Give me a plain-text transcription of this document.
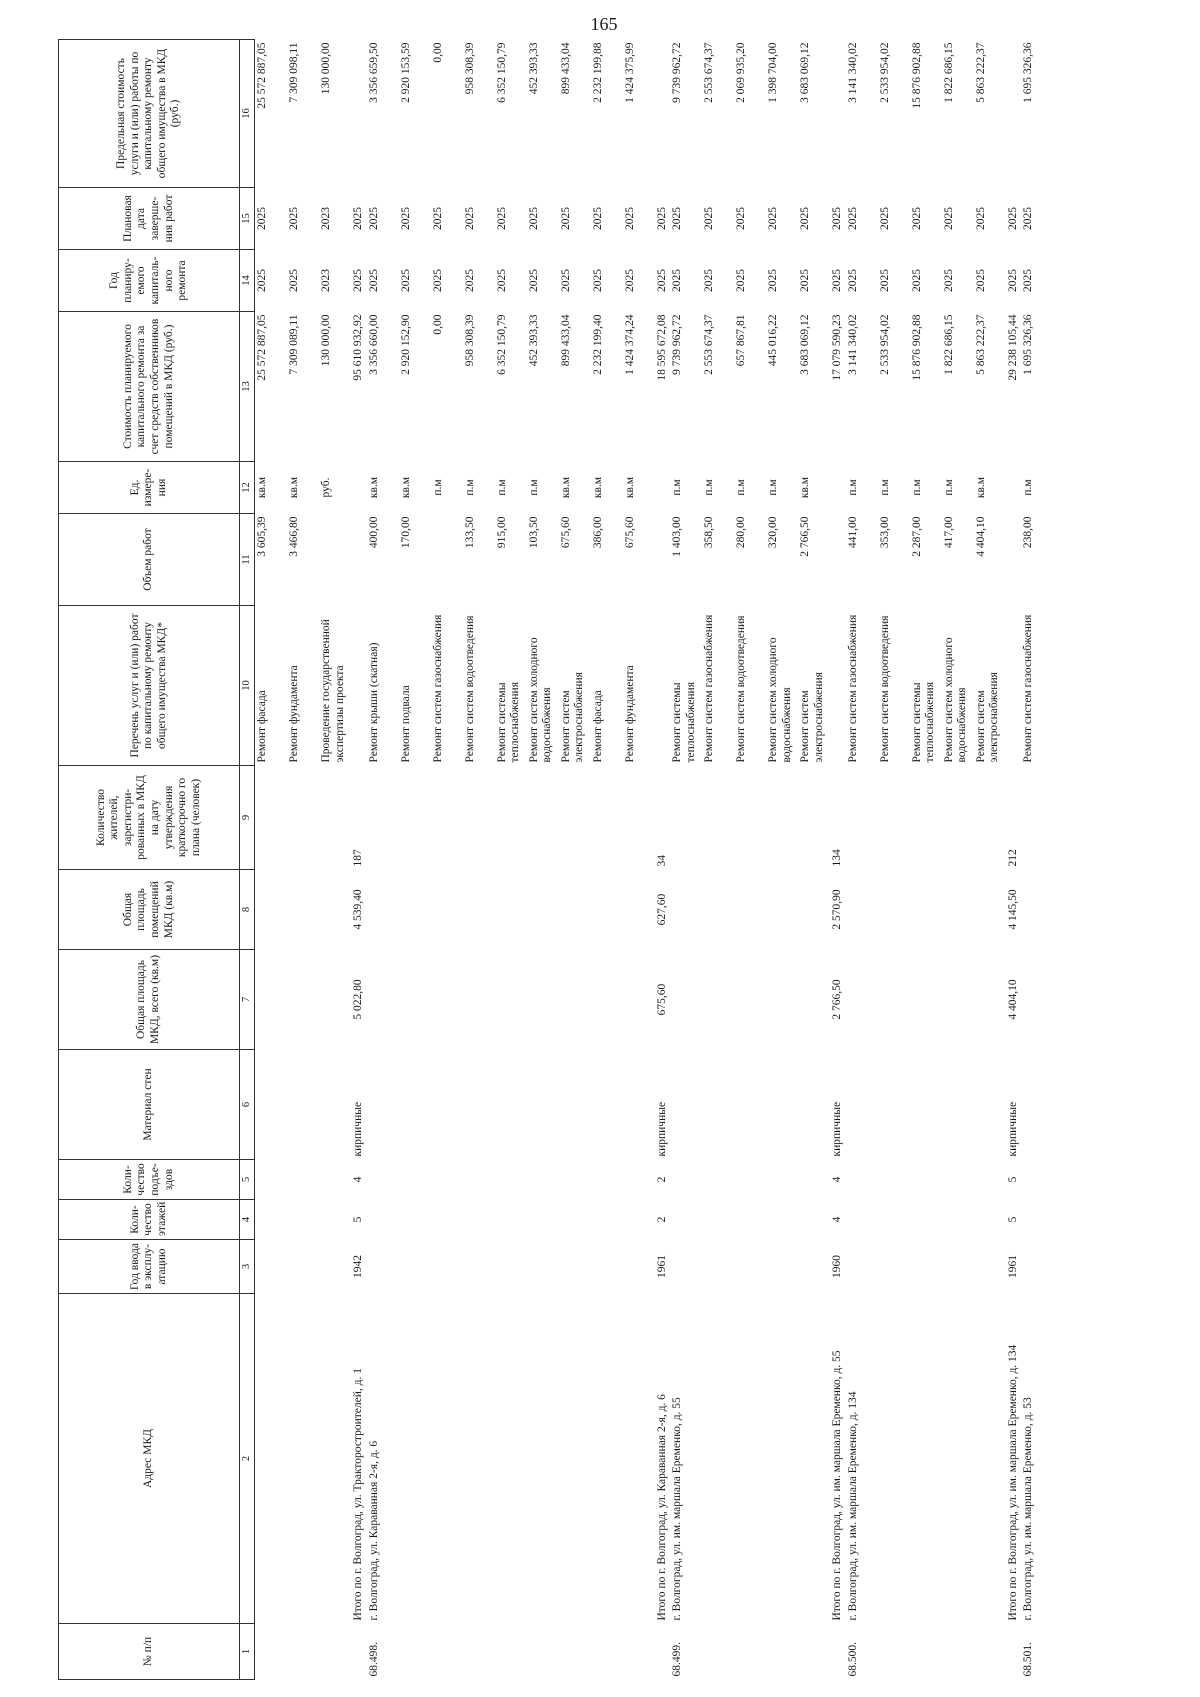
165
№ п/п	Адрес МКД	Год ввода в эксплу-атацию	Коли-чество этажей	Коли-чество подъе-здов	Материал стен	Общая площадь МКД, всего (кв.м)	Общая площадь помещений МКД (кв.м)	Количество жителей, зарегистри-рованных в МКД на дату утверждения краткосрочно го плана (человек)	Перечень услуг и (или) работ по капитальному ремонту общего имущества МКД*	Объем работ	Ед. измере-ния	Стоимость планируемого капитального ремонта за счет средств собственников помещений в МКД (руб.)	Год планиру-емого капиталь-ного ремонта	Плановая дата заверше-ния работ	Предельная стоимость услуги и (или) работы по капитальному ремонту общего имущества в МКД (руб.)
1	2	3	4	5	6	7	8	9	10	11	12	13	14	15	16
									Ремонт фасада	3 605,39	кв.м	25 572 887,05	2025	2025	25 572 887,05
									Ремонт фундамента	3 466,80	кв.м	7 309 089,11	2025	2025	7 309 098,11
									Проведение государственной экспертизы проекта		руб.	130 000,00	2023	2023	130 000,00
	Итого по г. Волгоград, ул. Тракторостроителей, д. 1	1942	5	4	кирпичные	5 022,80	4 539,40	187				95 610 932,92	2025	2025	
68.498.	г. Волгоград, ул. Караванная 2-я, д. 6								Ремонт крыши (скатная)	400,00	кв.м	3 356 660,00	2025	2025	3 356 659,50
									Ремонт подвала	170,00	кв.м	2 920 152,90	2025	2025	2 920 153,59
									Ремонт систем газоснабжения		п.м	0,00	2025	2025	0,00
									Ремонт систем водоотведения	133,50	п.м	958 308,39	2025	2025	958 308,39
									Ремонт системы теплоснабжения	915,00	п.м	6 352 150,79	2025	2025	6 352 150,79
									Ремонт систем холодного водоснабжения	103,50	п.м	452 393,33	2025	2025	452 393,33
									Ремонт систем электроснабжения	675,60	кв.м	899 433,04	2025	2025	899 433,04
									Ремонт фасада	386,00	кв.м	2 232 199,40	2025	2025	2 232 199,88
									Ремонт фундамента	675,60	кв.м	1 424 374,24	2025	2025	1 424 375,99
	Итого по г. Волгоград, ул. Караванная 2-я, д. 6	1961	2	2	кирпичные	675,60	627,60	34				18 595 672,08	2025	2025	
68.499.	г. Волгоград, ул. им. маршала Еременко, д. 55								Ремонт системы теплоснабжения	1 403,00	п.м	9 739 962,72	2025	2025	9 739 962,72
									Ремонт систем газоснабжения	358,50	п.м	2 553 674,37	2025	2025	2 553 674,37
									Ремонт систем водоотведения	280,00	п.м	657 867,81	2025	2025	2 069 935,20
									Ремонт систем холодного водоснабжения	320,00	п.м	445 016,22	2025	2025	1 398 704,00
									Ремонт систем электроснабжения	2 766,50	кв.м	3 683 069,12	2025	2025	3 683 069,12
	Итого по г. Волгоград, ул. им. маршала Еременко, д. 55	1960	4	4	кирпичные	2 766,50	2 570,90	134				17 079 590,23	2025	2025	
68.500.	г. Волгоград, ул. им. маршала Еременко, д. 134								Ремонт систем газоснабжения	441,00	п.м	3 141 340,02	2025	2025	3 141 340,02
									Ремонт систем водоотведения	353,00	п.м	2 533 954,02	2025	2025	2 533 954,02
									Ремонт системы теплоснабжения	2 287,00	п.м	15 876 902,88	2025	2025	15 876 902,88
									Ремонт систем холодного водоснабжения	417,00	п.м	1 822 686,15	2025	2025	1 822 686,15
									Ремонт систем электроснабжения	4 404,10	кв.м	5 863 222,37	2025	2025	5 863 222,37
	Итого по г. Волгоград, ул. им. маршала Еременко, д. 134	1961	5	5	кирпичные	4 404,10	4 145,50	212				29 238 105,44	2025	2025	
68.501.	г. Волгоград, ул. им. маршала Еременко, д. 53								Ремонт систем газоснабжения	238,00	п.м	1 695 326,36	2025	2025	1 695 326,36
